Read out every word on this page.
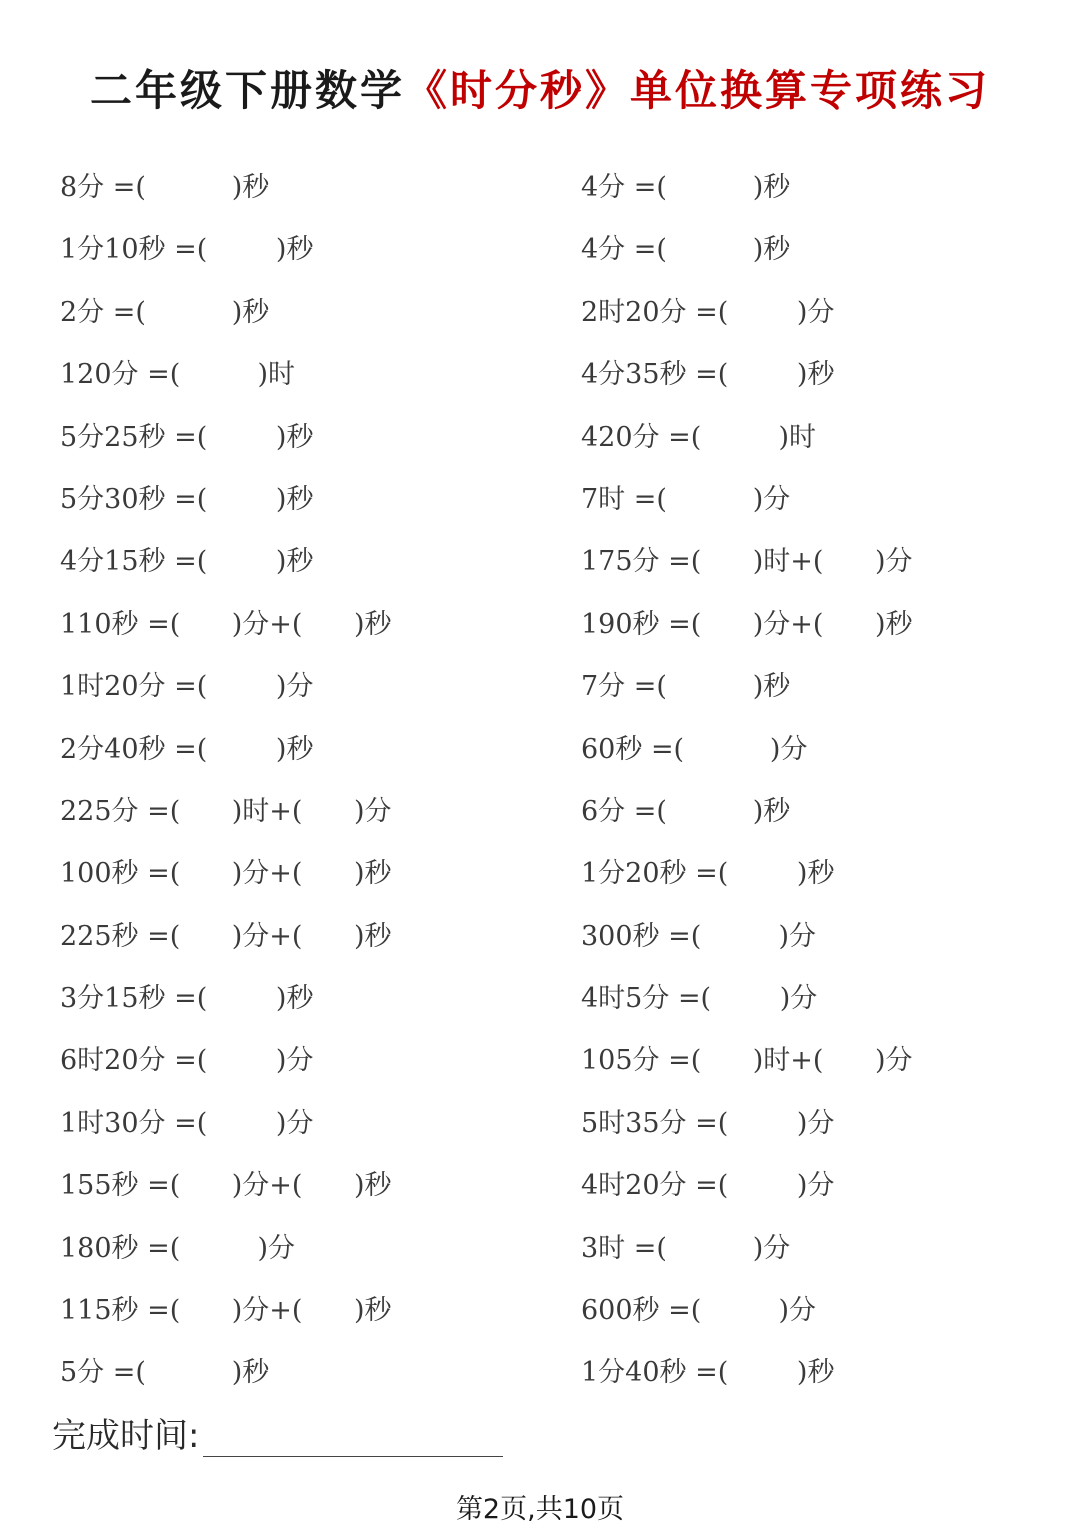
二年级下册数学《时分秒》单位换算专项练习
8分 =(          )秒	4分 =(          )秒
1分10秒 =(        )秒	4分 =(          )秒
2分 =(          )秒	2时20分 =(        )分
120分 =(         )时	4分35秒 =(        )秒
5分25秒 =(        )秒	420分 =(         )时
5分30秒 =(        )秒	7时 =(          )分
4分15秒 =(        )秒	175分 =(      )时+(      )分
110秒 =(      )分+(      )秒	190秒 =(      )分+(      )秒
1时20分 =(        )分	7分 =(          )秒
2分40秒 =(        )秒	60秒 =(          )分
225分 =(      )时+(      )分	6分 =(          )秒
100秒 =(      )分+(      )秒	1分20秒 =(        )秒
225秒 =(      )分+(      )秒	300秒 =(         )分
3分15秒 =(        )秒	4时5分 =(        )分
6时20分 =(        )分	105分 =(      )时+(      )分
1时30分 =(        )分	5时35分 =(        )分
155秒 =(      )分+(      )秒	4时20分 =(        )分
180秒 =(         )分	3时 =(          )分
115秒 =(      )分+(      )秒	600秒 =(         )分
5分 =(          )秒	1分40秒 =(        )秒
完成时间:
第2页,共10页
